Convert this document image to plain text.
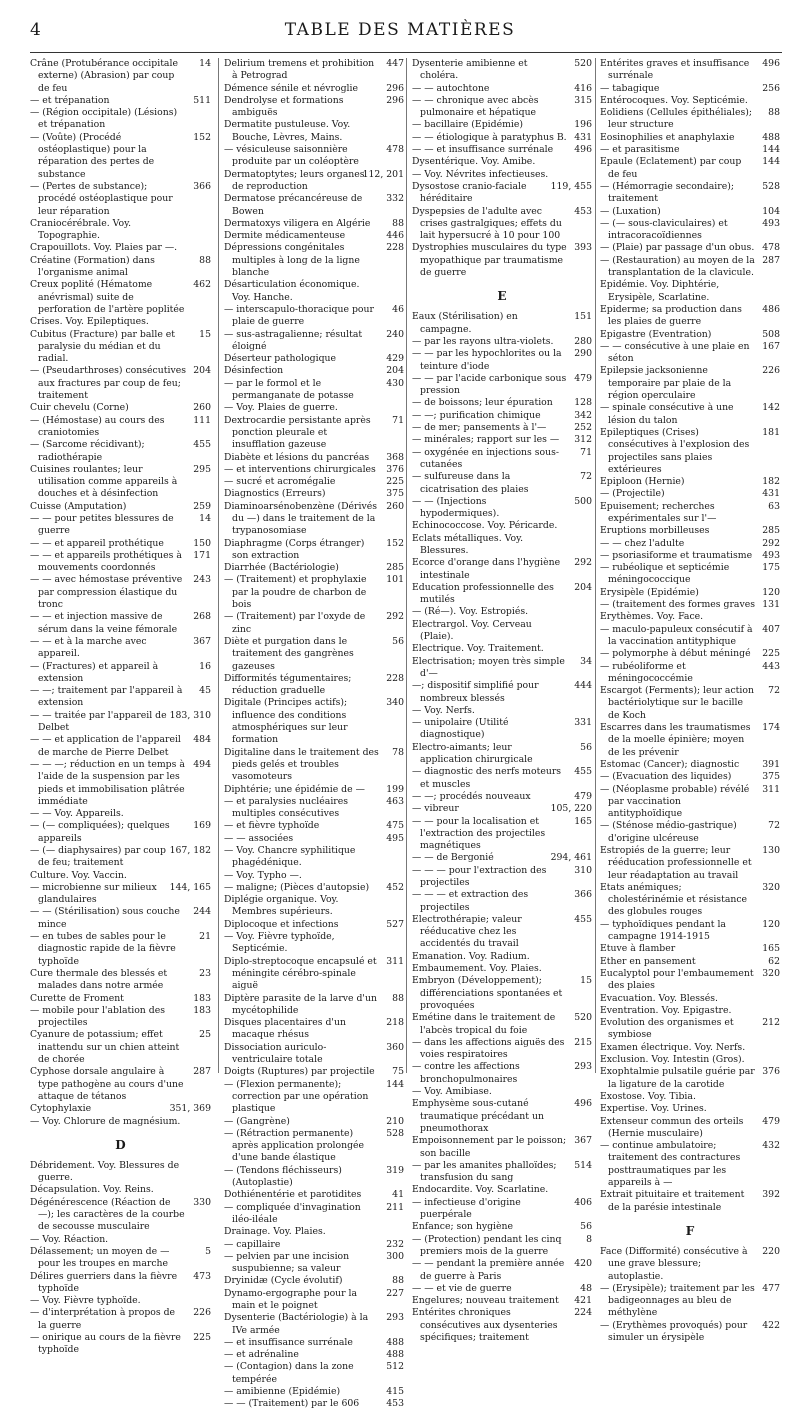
4	TABLE DES MATIÈRES
Crâne (Protubérance occipitale externe) (Abrasion) par coup de feu
14
— et trépanation	511
— (Région occipitale) (Lésions) et trépanation
— (Voûte) (Procédé ostéoplastique) pour la réparation des pertes de substance
152
— (Pertes de substance); procédé ostéoplastique pour leur réparation
366
Craniocérébrale. Voy. Topographie.
Crapouillots. Voy. Plaies par —.
Créatine (Formation) dans l'organisme animal
88
Creux poplité (Hématome anévrismal) suite de perforation de l'artère poplitée
462
Crises. Voy. Epileptiques.
Cubitus (Fracture) par balle et paralysie du médian et du radial.
15
— (Pseudarthroses) consécutives aux fractures par coup de feu; traitement
204
Cuir chevelu (Corne)	260
— (Hémostase) au cours des craniotomies
111
— (Sarcome récidivant); radiothérapie
455
Cuisines roulantes; leur utilisation comme appareils à douches et à désinfection
295
Cuisse (Amputation)	259
— — pour petites blessures de guerre
14
— — et appareil prothétique	150
— — et appareils prothétiques à mouvements coordonnés
171
— — avec hémostase préventive par compression élastique du tronc
243
— — et injection massive de sérum dans la veine fémorale
268
— — et à la marche avec appareil.
367
— (Fractures) et appareil à extension
16
— —; traitement par l'appareil à extension
45
— — traitée par l'appareil de Delbet
183, 310
— — et application de l'appareil de marche de Pierre Delbet
484
— — —; réduction en un temps à l'aide de la suspension par les pieds et immobilisation plâtrée immédiate
494
— — Voy. Appareils.
— (— compliquées); quelques appareils
169
— (— diaphysaires) par coup de feu; traitement
167, 182
Culture. Voy. Vaccin.
— microbienne sur milieux glandulaires
144, 165
— — (Stérilisation) sous couche mince
244
— en tubes de sables pour le diagnostic rapide de la fièvre typhoïde
21
Cure thermale des blessés et malades dans notre armée
23
Curette de Froment	183
— mobile pour l'ablation des projectiles
183
Cyanure de potassium; effet inattendu sur un chien atteint de chorée
25
Cyphose dorsale angulaire à type pathogène au cours d'une attaque de tétanos
287
Cytophylaxie	351, 369
— Voy. Chlorure de magnésium.
D
Débridement. Voy. Blessures de guerre.
Décapsulation. Voy. Reins.
Dégénérescence (Réaction de —); les caractères de la courbe de secousse musculaire
330
— Voy. Réaction.
Délassement; un moyen de — pour les troupes en marche
5
Délires guerriers dans la fièvre typhoïde
473
— Voy. Fièvre typhoïde.
— d'interprétation à propos de la guerre
226
— onirique au cours de la fièvre typhoïde
225
Delirium tremens et prohibition à Petrograd
447
Démence sénile et névroglie	296
Dendrolyse et formations ambiguës
296
Dermatite pustuleuse. Voy. Bouche, Lèvres, Mains.
— vésiculeuse saisonnière produite par un coléoptère
478
Dermatoptytes; leurs organes de reproduction
112, 201
Dermatose précancéreuse de Bowen
332
Dermatoxys viligera en Algérie	88
Dermite médicamenteuse	446
Dépressions congénitales multiples à long de la ligne blanche
228
Désarticulation économique. Voy. Hanche.
— interscapulo-thoracique pour plaie de guerre
46
— sus-astragalienne; résultat éloigné
240
Déserteur pathologique	429
Désinfection	204
— par le formol et le permanganate de potasse
430
— Voy. Plaies de guerre.
Dextrocardie persistante après ponction pleurale et insufflation gazeuse
71
Diabète et lésions du pancréas	368
— et interventions chirurgicales	376
— sucré et acromégalie	225
Diagnostics (Erreurs)	375
Diaminoarsénobenzène (Dérivés du —) dans le traitement de la trypanosomiase
260
Diaphragme (Corps étranger) son extraction
152
Diarrhée (Bactériologie)	285
— (Traitement) et prophylaxie par la poudre de charbon de bois
101
— (Traitement) par l'oxyde de zinc
292
Diète et purgation dans le traitement des gangrènes gazeuses
56
Difformités tégumentaires; réduction graduelle
228
Digitale (Principes actifs); influence des conditions atmosphériques sur leur formation
340
Digitaline dans le traitement des pieds gelés et troubles vasomoteurs
78
Diphtérie; une épidémie de —	199
— et paralysies nucléaires multiples consécutives
463
— et fièvre typhoïde	475
— — associées	495
— Voy. Chancre syphilitique phagédénique.
— Voy. Typho —.
— maligne; (Pièces d'autopsie)	452
Diplégie organique. Voy. Membres supérieurs.
Diplocoque et infections	527
— Voy. Fièvre typhoïde, Septicémie.
Diplo-streptocoque encapsulé et méningite cérébro-spinale aiguë
311
Diptère parasite de la larve d'un mycétophilide
88
Disques placentaires d'un macaque rhésus
218
Dissociation auriculo-ventriculaire totale
360
Doigts (Ruptures) par projectile	75
— (Flexion permanente); correction par une opération plastique
144
— (Gangrène)	210
— (Rétraction permanente) après application prolongée d'une bande élastique
528
— (Tendons fléchisseurs) (Autoplastie)
319
Dothiénentérie et parotidites	41
— compliquée d'invagination iléo-iléale
211
Drainage. Voy. Plaies.
— capillaire	232
— pelvien par une incision suspubienne; sa valeur
300
Dryinidæ (Cycle évolutif)	88
Dynamo-ergographe pour la main et le poignet
227
Dysenterie (Bactériologie) à la IVe armée
293
— et insuffisance surrénale	488
— et adrénaline	488
— (Contagion) dans la zone tempérée
512
— amibienne (Epidémie)	415
— — (Traitement) par le 606	453
Dysenterie amibienne et choléra.
520
— — autochtone	416
— — chronique avec abcès pulmonaire et hépatique
315
— bacillaire (Epidémie)	196
— — étiologique à paratyphus B. 431
— — et insuffisance surrénale	496
Dysentérique. Voy. Amibe.
— Voy. Névrites infectieuses.
Dysostose cranio-faciale héréditaire
119, 455
Dyspepsies de l'adulte avec crises gastralgiques; effets du lait hypersucré à 10 pour 100
453
Dystrophies musculaires du type myopathique par traumatisme de guerre
393
E
Eaux (Stérilisation) en campagne.
151
— par les rayons ultra-violets.	280
— — par les hypochlorites ou la teinture d'iode
290
— — par l'acide carbonique sous pression
479
— de boissons; leur épuration	128
— —; purification chimique	342
— de mer; pansements à l'—	252
— minérales; rapport sur les —	312
— oxygénée en injections sous-cutanées
71
— sulfureuse dans la cicatrisation des plaies
72
— — (Injections hypodermiques).
500
Echinococcose. Voy. Péricarde.
Eclats métalliques. Voy. Blessures.
Ecorce d'orange dans l'hygiène intestinale
292
Education professionnelle des mutilés
204
— (Ré—). Voy. Estropiés.
Electrargol. Voy. Cerveau (Plaie).
Electrique. Voy. Traitement.
Electrisation; moyen très simple d'—
34
—; dispositif simplifié pour nombreux blessés
444
— Voy. Nerfs.
— unipolaire (Utilité diagnostique)
331
Electro-aimants; leur application chirurgicale
56
— diagnostic des nerfs moteurs et muscles
455
— —; procédés nouveaux	479
— vibreur	105, 220
— — pour la localisation et l'extraction des projectiles magnétiques
165
— — de Bergonié	294, 461
— — — pour l'extraction des projectiles
310
— — — et extraction des projectiles
366
Electrothérapie; valeur rééducative chez les accidentés du travail
455
Emanation. Voy. Radium.
Embaumement. Voy. Plaies.
Embryon (Développement); différenciations spontanées et provoquées
15
Emétine dans le traitement de l'abcès tropical du foie
520
— dans les affections aiguës des voies respiratoires
215
— contre les affections bronchopulmonaires
293
— Voy. Amibiase.
Emphysème sous-cutané traumatique précédant un pneumothorax
496
Empoisonnement par le poisson; son bacille
367
— par les amanites phalloïdes; transfusion du sang
514
Endocardite. Voy. Scarlatine.
— infectieuse d'origine puerpérale
406
Enfance; son hygiène	56
— (Protection) pendant les cinq premiers mois de la guerre
8
— — pendant la première année de guerre à Paris
420
— — et vie de guerre	48
Engelures; nouveau traitement	421
Entérites chroniques consécutives aux dysenteries spécifiques; traitement
224
Entérites graves et insuffisance surrénale
496
— tabagique	256
Entérocoques. Voy. Septicémie.
Eolidiens (Cellules épithéliales); leur structure
88
Eosinophilies et anaphylaxie	488
— et parasitisme	144
Epaule (Eclatement) par coup de feu
144
— (Hémorragie secondaire); traitement
528
— (Luxation)	104
— (— sous-claviculaires) et intracoracoïdiennes
493
— (Plaie) par passage d'un obus. 478
— (Restauration) au moyen de la transplantation de la clavicule.
287
Epidémie. Voy. Diphtérie, Erysipèle, Scarlatine.
Epiderme; sa production dans les plaies de guerre
486
Epigastre (Eventration)	508
— — consécutive à une plaie en séton
167
Epilepsie jacksonienne temporaire par plaie de la région operculaire
226
— spinale consécutive à une lésion du talon
142
Epileptiques (Crises) consécutives à l'explosion des projectiles sans plaies extérieures
181
Epiploon (Hernie)	182
— (Projectile)	431
Epuisement; recherches expérimentales sur l'—
63
Eruptions morbilleuses	285
— — chez l'adulte	292
— psoriasiforme et traumatisme	493
— rubéolique et septicémie méningococcique
175
Erysipèle (Epidémie)	120
— (traitement des formes graves 131
Erythèmes. Voy. Face.
— maculo-papuleux consécutif à la vaccination antityphique
407
— polymorphe à début méningé	225
— rubéoliforme et méningococcémie
443
Escargot (Ferments); leur action bactériolytique sur le bacille de Koch
72
Escarres dans les traumatismes de la moelle épinière; moyen de les prévenir
174
Estomac (Cancer); diagnostic	391
— (Evacuation des liquides)	375
— (Néoplasme probable) révélé par vaccination antityphoïdique
311
— (Sténose médio-gastrique) d'origine ulcéreuse
72
Estropiés de la guerre; leur rééducation professionnelle et leur réadaptation au travail
130
Etats anémiques; cholestérinémie et résistance des globules rouges
320
— typhoïdiques pendant la campagne 1914-1915
120
Etuve à flamber	165
Ether en pansement	62
Eucalyptol pour l'embaumement des plaies
320
Evacuation. Voy. Blessés.
Eventration. Voy. Epigastre.
Evolution des organismes et symbiose
212
Examen électrique. Voy. Nerfs.
Exclusion. Voy. Intestin (Gros).
Exophtalmie pulsatile guérie par la ligature de la carotide
376
Exostose. Voy. Tibia.
Expertise. Voy. Urines.
Extenseur commun des orteils (Hernie musculaire)
479
— continue ambulatoire; traitement des contractures posttraumatiques par les appareils à —
432
Extrait pituitaire et traitement de la parésie intestinale
392
F
Face (Difformité) consécutive à une grave blessure; autoplastie.
220
— (Erysipèle); traitement par les badigeonnages au bleu de méthylène
477
— (Erythèmes provoqués) pour simuler un érysipèle
422
